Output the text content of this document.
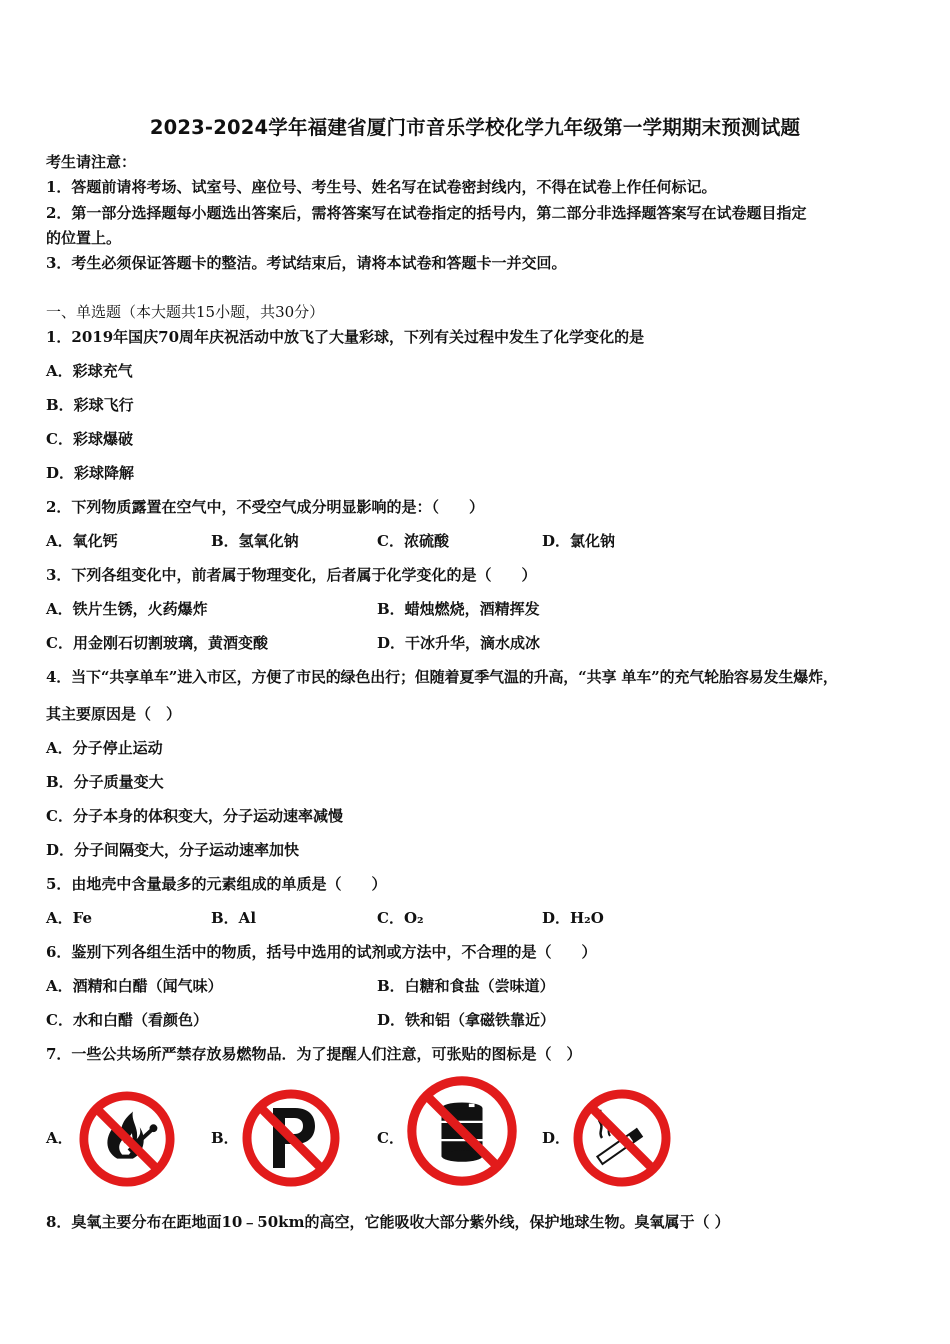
2023-2024学年福建省厦门市音乐学校化学九年级第一学期期末预测试题
考生请注意：
1．答题前请将考场、试室号、座位号、考生号、姓名写在试卷密封线内，不得在试卷上作任何标记。
2．第一部分选择题每小题选出答案后，需将答案写在试卷指定的括号内，第二部分非选择题答案写在试卷题目指定
的位置上。
3．考生必须保证答题卡的整洁。考试结束后，请将本试卷和答题卡一并交回。
一、单选题（本大题共15小题，共30分）
1．2019年国庆70周年庆祝活动中放飞了大量彩球，下列有关过程中发生了化学变化的是
A．彩球充气
B．彩球飞行
C．彩球爆破
D．彩球降解
2．下列物质露置在空气中，不受空气成分明显影响的是：（　　）
A．氧化钙	B．氢氧化钠	C．浓硫酸	D．氯化钠
3．下列各组变化中，前者属于物理变化，后者属于化学变化的是（　　）
A．铁片生锈，火药爆炸	B．蜡烛燃烧，酒精挥发
C．用金刚石切割玻璃，黄酒变酸	D．干冰升华，滴水成冰
4．当下“共享单车”进入市区，方便了市民的绿色出行；但随着夏季气温的升高，“共享 单车”的充气轮胎容易发生爆炸，
其主要原因是（　）
A．分子停止运动
B．分子质量变大
C．分子本身的体积变大，分子运动速率减慢
D．分子间隔变大，分子运动速率加快
5．由地壳中含量最多的元素组成的单质是（　　）
A．Fe	B．Al	C．O₂	D．H₂O
6．鉴别下列各组生活中的物质，括号中选用的试剂或方法中，不合理的是（　　）
A．酒精和白醋（闻气味）	B．白糖和食盐（尝味道）
C．水和白醋（看颜色）	D．铁和铝（拿磁铁靠近）
7．一些公共场所严禁存放易燃物品．为了提醒人们注意，可张贴的图标是（　）
A．	B．	C．	D．
8．臭氧主要分布在距地面10﹣50km的高空，它能吸收大部分紫外线，保护地球生物。臭氧属于（ ）
